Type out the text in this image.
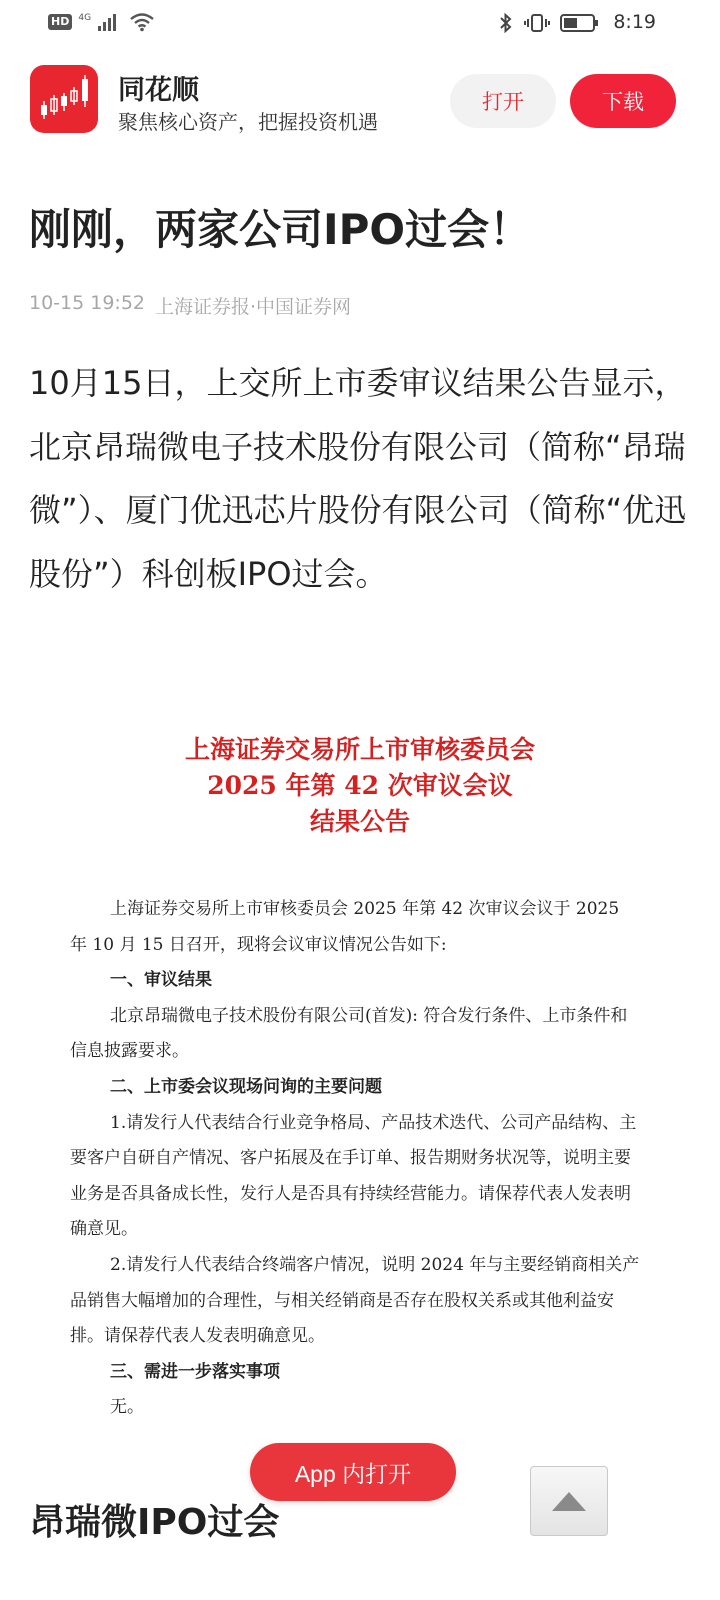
HD	4G	8:19
同花顺
聚焦核心资产，把握投资机遇
打开	下载
刚刚，两家公司IPO过会！
10-15 19:52 上海证券报·中国证券网

10月15日，上交所上市委审议结果公告显示，北京昂瑞微电子技术股份有限公司（简称“昂瑞微”）、厦门优迅芯片股份有限公司（简称“优迅股份”）科创板IPO过会。

上海证券交易所上市审核委员会
2025 年第 42 次审议会议
结果公告

上海证券交易所上市审核委员会 2025 年第 42 次审议会议于 2025 年 10 月 15 日召开，现将会议审议情况公告如下:

一、审议结果

北京昂瑞微电子技术股份有限公司(首发): 符合发行条件、上市条件和信息披露要求。

二、上市委会议现场问询的主要问题

1.请发行人代表结合行业竞争格局、产品技术迭代、公司产品结构、主要客户自研自产情况、客户拓展及在手订单、报告期财务状况等，说明主要业务是否具备成长性，发行人是否具有持续经营能力。请保荐代表人发表明确意见。

2.请发行人代表结合终端客户情况，说明 2024 年与主要经销商相关产品销售大幅增加的合理性，与相关经销商是否存在股权关系或其他利益安排。请保荐代表人发表明确意见。

三、需进一步落实事项

无。

昂瑞微IPO过会
App 内打开
